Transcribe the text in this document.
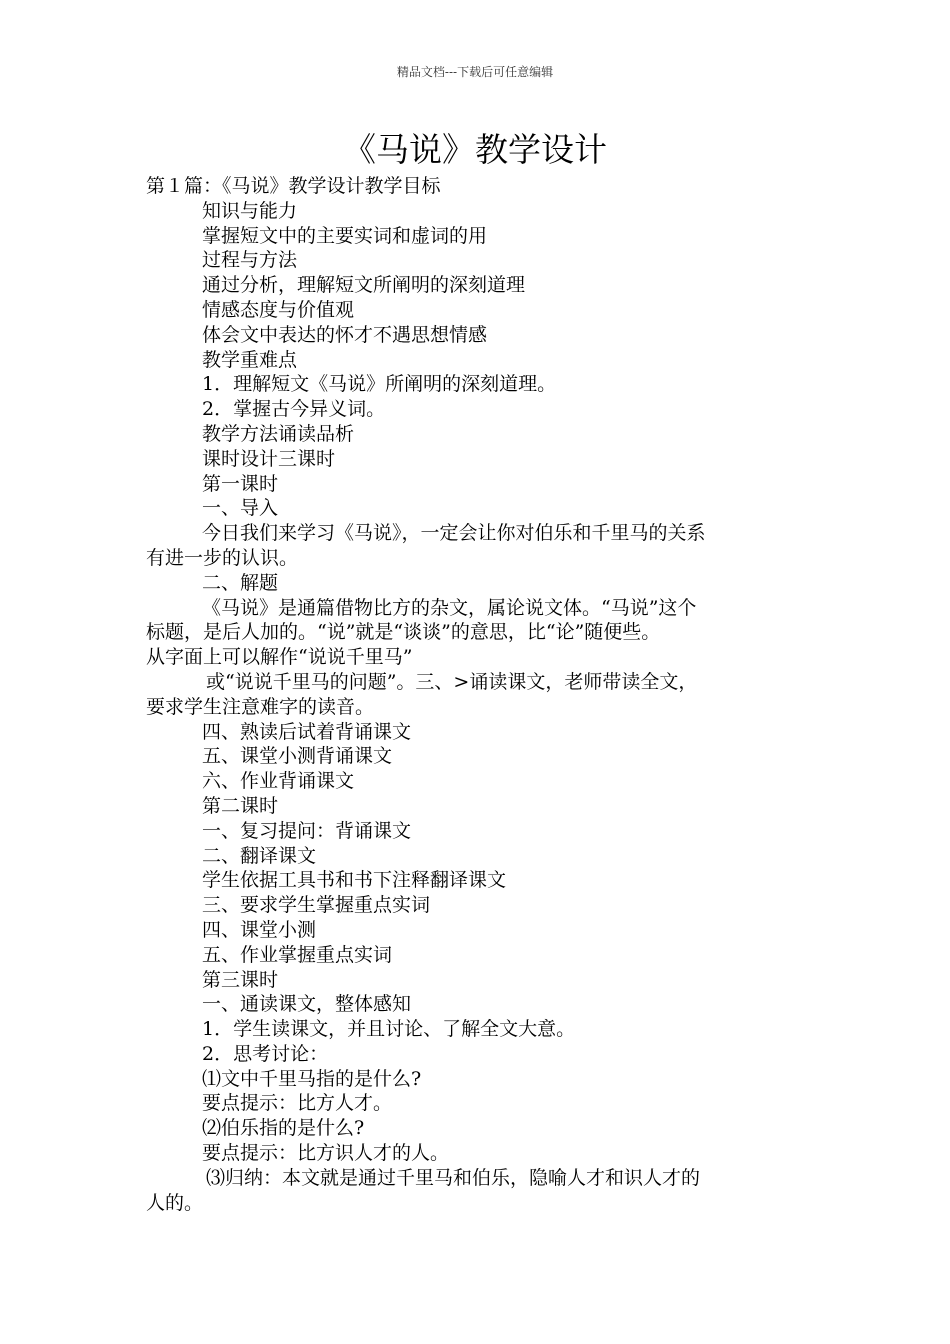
精品文档---下载后可任意编辑
《马说》教学设计
第１篇：《马说》教学设计教学目标
知识与能力
掌握短文中的主要实词和虚词的用
过程与方法
通过分析，理解短文所阐明的深刻道理
情感态度与价值观
体会文中表达的怀才不遇思想情感
教学重难点
1．理解短文《马说》所阐明的深刻道理。
2．掌握古今异义词。
教学方法诵读品析
课时设计三课时
第一课时
一、导入
今日我们来学习《马说》，一定会让你对伯乐和千里马的关系
有进一步的认识。
二、解题
《马说》是通篇借物比方的杂文，属论说文体。“马说”这个
标题，是后人加的。“说”就是“谈谈”的意思，比“论”随便些。
从字面上可以解作“说说千里马”
或“说说千里马的问题”。三、>诵读课文，老师带读全文，
要求学生注意难字的读音。
四、熟读后试着背诵课文
五、课堂小测背诵课文
六、作业背诵课文
第二课时
一、复习提问：背诵课文
二、翻译课文
学生依据工具书和书下注释翻译课文
三、要求学生掌握重点实词
四、课堂小测
五、作业掌握重点实词
第三课时
一、通读课文，整体感知
1．学生读课文，并且讨论、了解全文大意。
2．思考讨论：
⑴文中千里马指的是什么?
要点提示：比方人才。
⑵伯乐指的是什么?
要点提示：比方识人才的人。
⑶归纳：本文就是通过千里马和伯乐，隐喻人才和识人才的
人的。
